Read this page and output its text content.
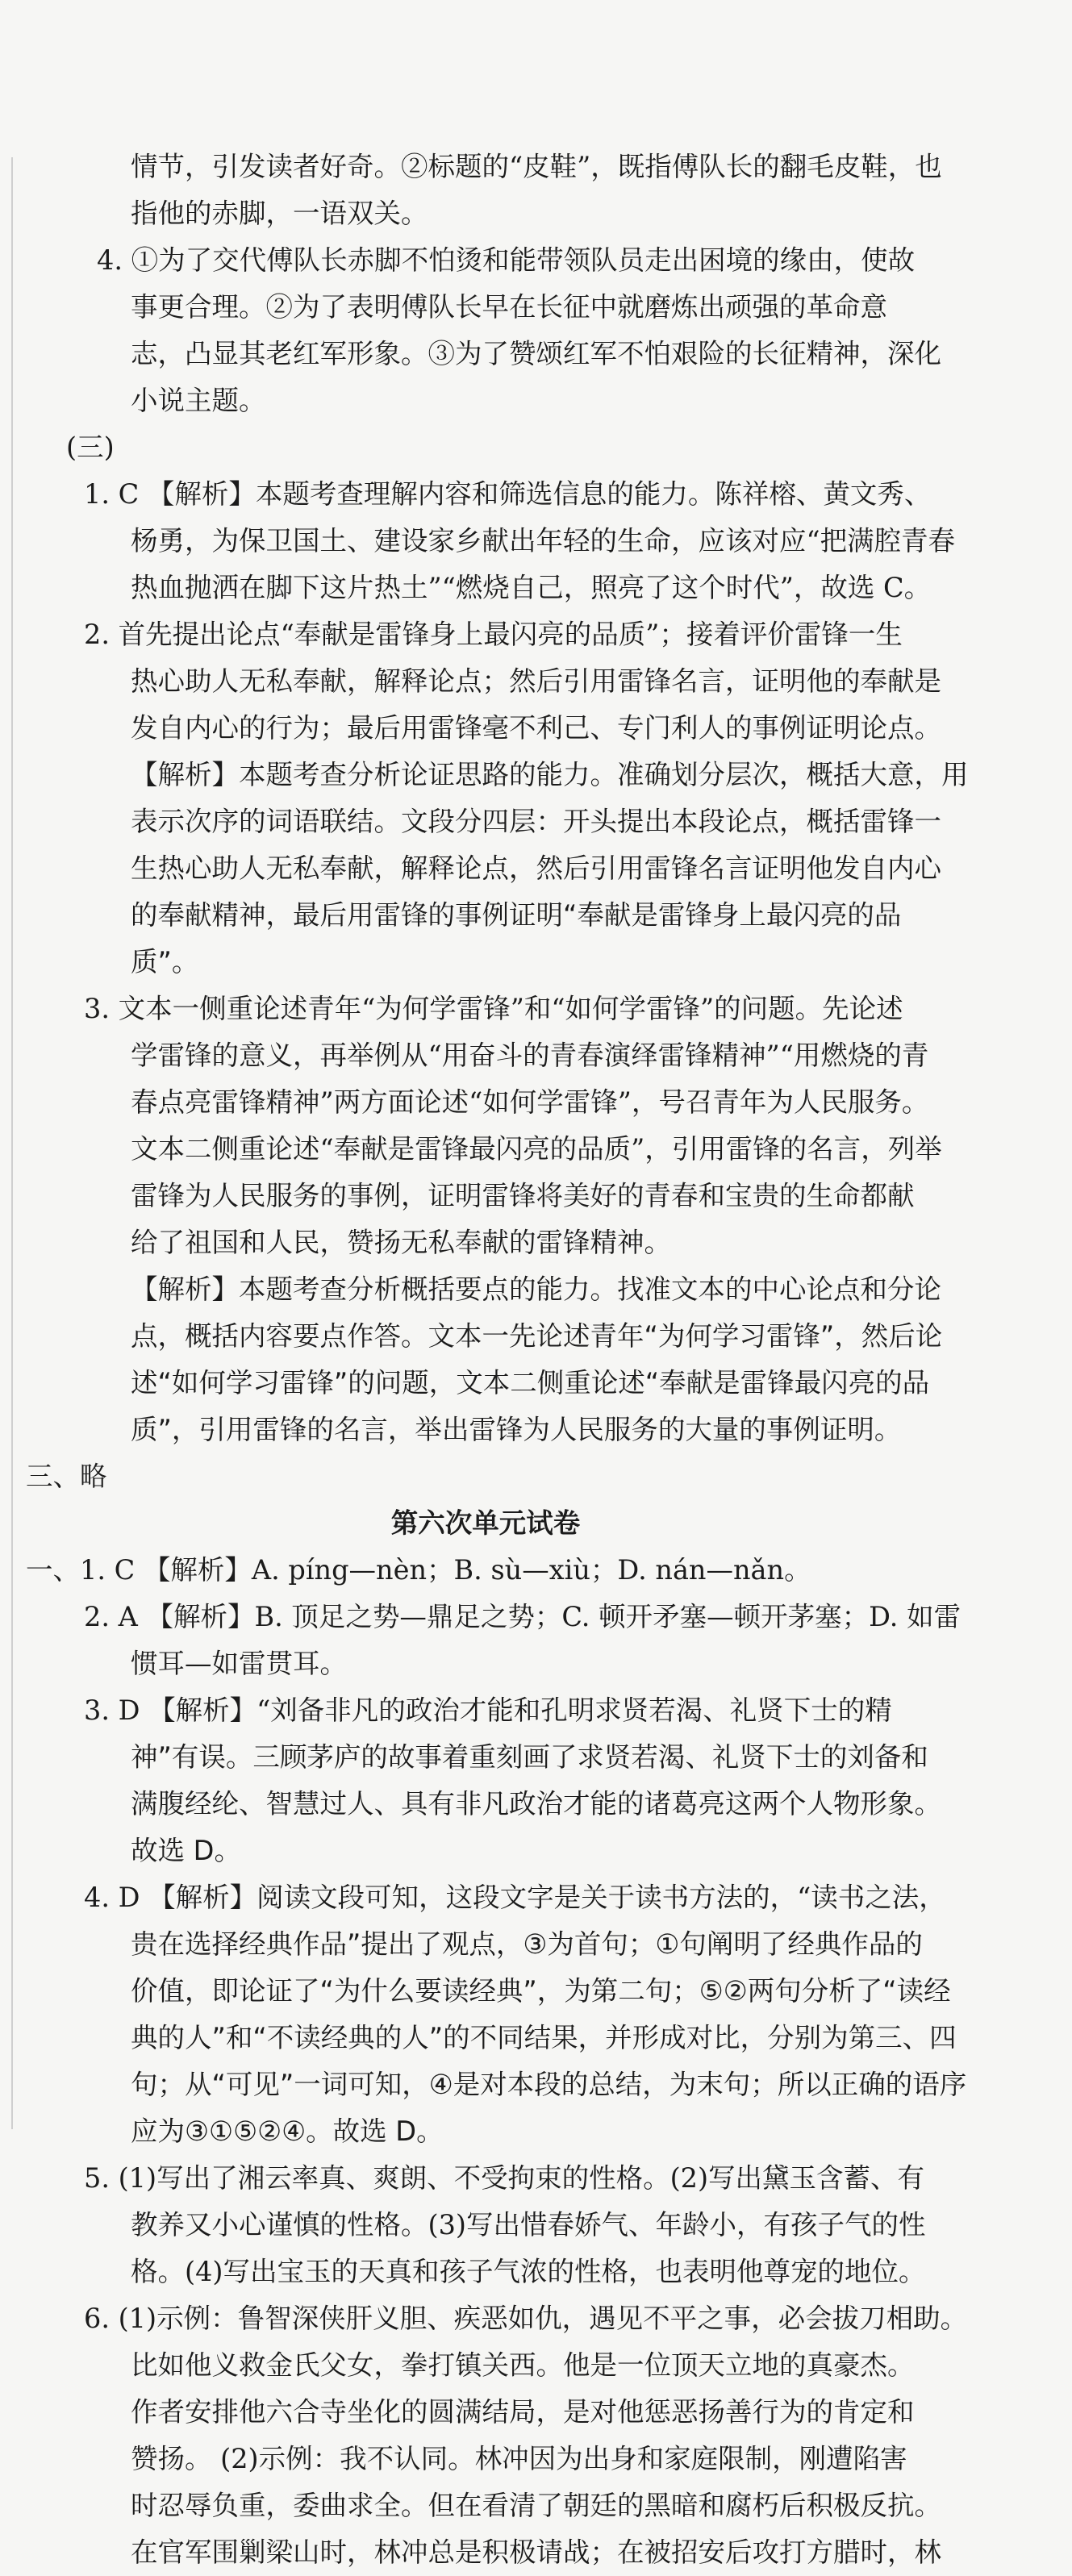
情节，引发读者好奇。②标题的“皮鞋”，既指傅队长的翻毛皮鞋，也
指他的赤脚，一语双关。
4. ①为了交代傅队长赤脚不怕烫和能带领队员走出困境的缘由，使故
事更合理。②为了表明傅队长早在长征中就磨炼出顽强的革命意
志，凸显其老红军形象。③为了赞颂红军不怕艰险的长征精神，深化
小说主题。
(三)
1. C 【解析】本题考查理解内容和筛选信息的能力。陈祥榕、黄文秀、
杨勇，为保卫国土、建设家乡献出年轻的生命，应该对应“把满腔青春
热血抛洒在脚下这片热土”“燃烧自己，照亮了这个时代”，故选 C。
2. 首先提出论点“奉献是雷锋身上最闪亮的品质”；接着评价雷锋一生
热心助人无私奉献，解释论点；然后引用雷锋名言，证明他的奉献是
发自内心的行为；最后用雷锋毫不利己、专门利人的事例证明论点。
【解析】本题考查分析论证思路的能力。准确划分层次，概括大意，用
表示次序的词语联结。文段分四层：开头提出本段论点，概括雷锋一
生热心助人无私奉献，解释论点，然后引用雷锋名言证明他发自内心
的奉献精神，最后用雷锋的事例证明“奉献是雷锋身上最闪亮的品
质”。
3. 文本一侧重论述青年“为何学雷锋”和“如何学雷锋”的问题。先论述
学雷锋的意义，再举例从“用奋斗的青春演绎雷锋精神”“用燃烧的青
春点亮雷锋精神”两方面论述“如何学雷锋”，号召青年为人民服务。
文本二侧重论述“奉献是雷锋最闪亮的品质”，引用雷锋的名言，列举
雷锋为人民服务的事例，证明雷锋将美好的青春和宝贵的生命都献
给了祖国和人民，赞扬无私奉献的雷锋精神。
【解析】本题考查分析概括要点的能力。找准文本的中心论点和分论
点，概括内容要点作答。文本一先论述青年“为何学习雷锋”，然后论
述“如何学习雷锋”的问题，文本二侧重论述“奉献是雷锋最闪亮的品
质”，引用雷锋的名言，举出雷锋为人民服务的大量的事例证明。
三、略
第六次单元试卷
一、1. C 【解析】A. píng—nèn；B. sù—xiù；D. nán—nǎn。
2. A 【解析】B. 顶足之势—鼎足之势；C. 顿开矛塞—顿开茅塞；D. 如雷
惯耳—如雷贯耳。
3. D 【解析】“刘备非凡的政治才能和孔明求贤若渴、礼贤下士的精
神”有误。三顾茅庐的故事着重刻画了求贤若渴、礼贤下士的刘备和
满腹经纶、智慧过人、具有非凡政治才能的诸葛亮这两个人物形象。
故选 D。
4. D 【解析】阅读文段可知，这段文字是关于读书方法的，“读书之法，
贵在选择经典作品”提出了观点，③为首句；①句阐明了经典作品的
价值，即论证了“为什么要读经典”，为第二句；⑤②两句分析了“读经
典的人”和“不读经典的人”的不同结果，并形成对比，分别为第三、四
句；从“可见”一词可知，④是对本段的总结，为末句；所以正确的语序
应为③①⑤②④。故选 D。
5. (1)写出了湘云率真、爽朗、不受拘束的性格。(2)写出黛玉含蓄、有
教养又小心谨慎的性格。(3)写出惜春娇气、年龄小，有孩子气的性
格。(4)写出宝玉的天真和孩子气浓的性格，也表明他尊宠的地位。
6. (1)示例：鲁智深侠肝义胆、疾恶如仇，遇见不平之事，必会拔刀相助。
比如他义救金氏父女，拳打镇关西。他是一位顶天立地的真豪杰。
作者安排他六合寺坐化的圆满结局，是对他惩恶扬善行为的肯定和
赞扬。 (2)示例：我不认同。林冲因为出身和家庭限制，刚遭陷害
时忍辱负重，委曲求全。但在看清了朝廷的黑暗和腐朽后积极反抗。
在官军围剿梁山时，林冲总是积极请战；在被招安后攻打方腊时，林
